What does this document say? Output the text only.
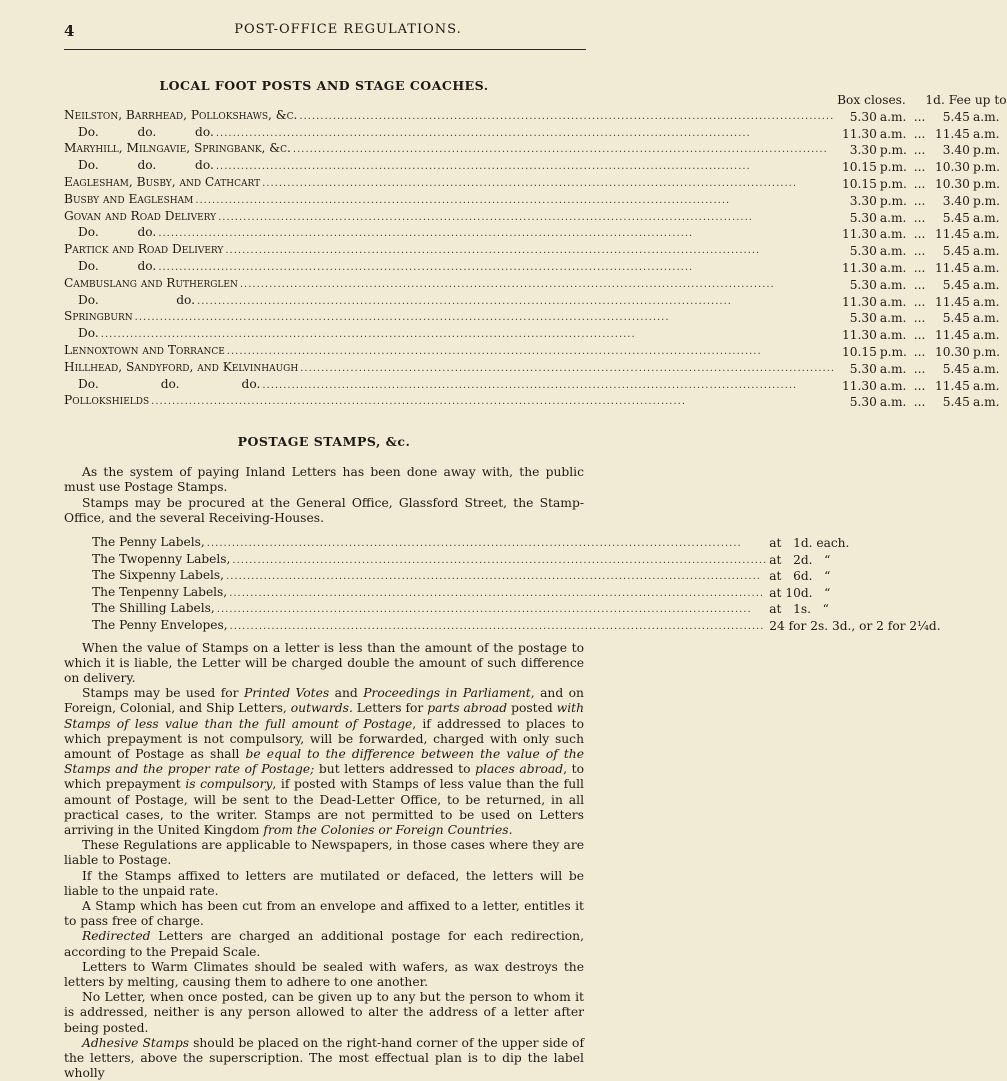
4	POST-OFFICE REGULATIONS.
LOCAL FOOT POSTS AND STAGE COACHES.
	Box closes.			1d. Fee up to	

Neilston, Barrhead, Pollokshaws, &c.
.....	5.30	a.m.	...	5.45	a.m.

Do.          do.          do.
.....	11.30	a.m.	...	11.45	a.m.

Maryhill, Milngavie, Springbank, &c.
.....	3.30	p.m.	...	3.40	p.m.

Do.          do.          do.
.....	10.15	p.m.	...	10.30	p.m.

Eaglesham, Busby, and Cathcart
.....	10.15	p.m.	...	10.30	p.m.

Busby and Eaglesham
.....	3.30	p.m.	...	3.40	p.m.

Govan and Road Delivery
.....	5.30	a.m.	...	5.45	a.m.

Do.          do.
.....	11.30	a.m.	...	11.45	a.m.

Partick and Road Delivery
.....	5.30	a.m.	...	5.45	a.m.

Do.          do.
.....	11.30	a.m.	...	11.45	a.m.

Cambuslang and Rutherglen
.....	5.30	a.m.	...	5.45	a.m.

Do.                    do.
.....	11.30	a.m.	...	11.45	a.m.

Springburn
.....	5.30	a.m.	...	5.45	a.m.

Do.
.....	11.30	a.m.	...	11.45	a.m.

Lennoxtown and Torrance
.....	10.15	p.m.	...	10.30	p.m.

Hillhead, Sandyford, and Kelvinhaugh
.....	5.30	a.m.	...	5.45	a.m.

Do.                do.                do.
.....	11.30	a.m.	...	11.45	a.m.

Pollokshields
.....	5.30	a.m.	...	5.45	a.m.
POSTAGE STAMPS, &c.

As the system of paying Inland Letters has been done away with, the public must use Postage Stamps.

Stamps may be procured at the General Office, Glassford Street, the Stamp-Office, and the several Receiving-Houses.

The Penny Labels,
.....	at   1d. each.

The Twopenny Labels,
.....	at   2d.   “

The Sixpenny Labels,
.....	at   6d.   “

The Tenpenny Labels,
.....	at 10d.   “

The Shilling Labels,
.....	at   1s.   “

The Penny Envelopes,
.....	24 for 2s. 3d., or 2 for 2¼d.

When the value of Stamps on a letter is less than the amount of the postage to which it is liable, the Letter will be charged double the amount of such difference on delivery.

Stamps may be used for Printed Votes and Proceedings in Parliament, and on Foreign, Colonial, and Ship Letters, outwards. Letters for parts abroad posted with Stamps of less value than the full amount of Postage, if addressed to places to which prepayment is not compulsory, will be forwarded, charged with only such amount of Postage as shall be equal to the difference between the value of the Stamps and the proper rate of Postage; but letters addressed to places abroad, to which prepayment is compulsory, if posted with Stamps of less value than the full amount of Postage, will be sent to the Dead-Letter Office, to be returned, in all practical cases, to the writer. Stamps are not permitted to be used on Letters arriving in the United Kingdom from the Colonies or Foreign Countries.

These Regulations are applicable to Newspapers, in those cases where they are liable to Postage.

If the Stamps affixed to letters are mutilated or defaced, the letters will be liable to the unpaid rate.

A Stamp which has been cut from an envelope and affixed to a letter, entitles it to pass free of charge.

Redirected Letters are charged an additional postage for each redirection, according to the Prepaid Scale.

Letters to Warm Climates should be sealed with wafers, as wax destroys the letters by melting, causing them to adhere to one another.

No Letter, when once posted, can be given up to any but the person to whom it is addressed, neither is any person allowed to alter the address of a letter after being posted.

Adhesive Stamps should be placed on the right-hand corner of the upper side of the letters, above the superscription. The most effectual plan is to dip the label wholly
